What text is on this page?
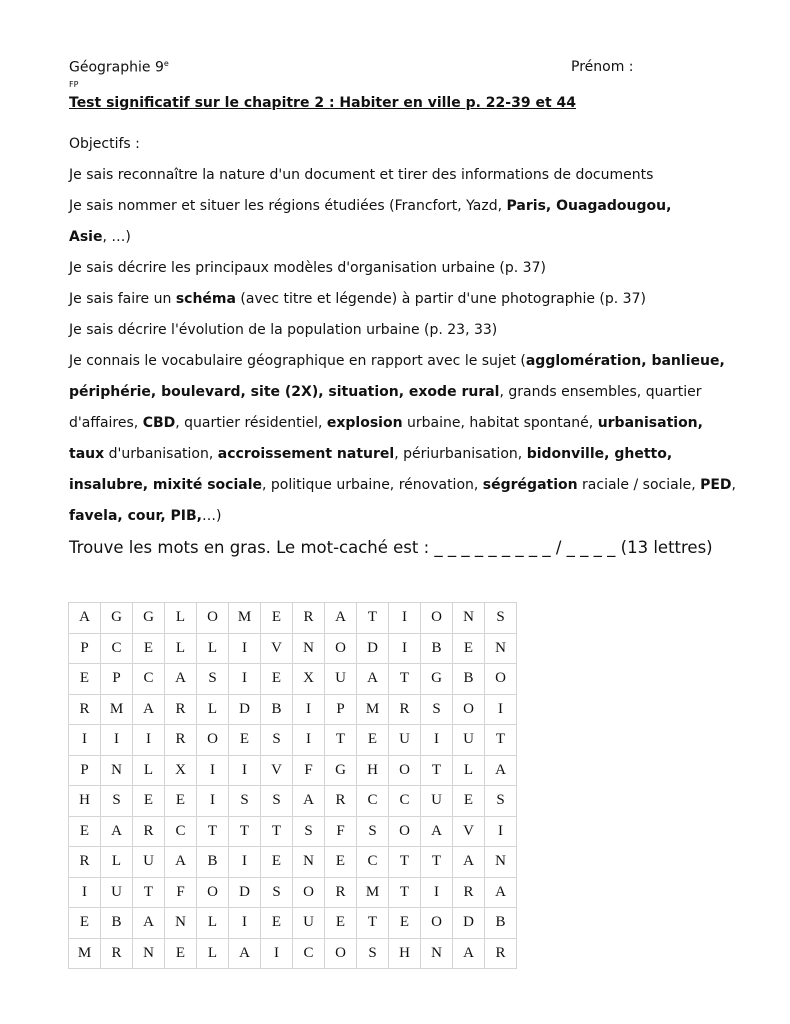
Géographie 9e	Prénom :
FP
Test significatif sur le chapitre 2 : Habiter en ville p. 22-39 et 44
Objectifs :

Je sais reconnaître la nature d'un document et tirer des informations de documents

Je sais nommer et situer les régions étudiées (Francfort, Yazd, Paris, Ouagadougou,

Asie, …)

Je sais décrire les principaux modèles d'organisation urbaine (p. 37)

Je sais faire un schéma (avec titre et légende) à partir d'une photographie (p. 37)

Je sais décrire l'évolution de la population urbaine (p. 23, 33)

Je connais le vocabulaire géographique en rapport avec le sujet (agglomération, banlieue,

périphérie, boulevard, site (2X), situation, exode rural, grands ensembles, quartier

d'affaires, CBD, quartier résidentiel, explosion urbaine, habitat spontané, urbanisation,

taux d'urbanisation, accroissement naturel, périurbanisation, bidonville, ghetto,

insalubre, mixité sociale, politique urbaine, rénovation, ségrégation raciale / sociale, PED,

favela, cour, PIB,…)

Trouve les mots en gras. Le mot-caché est : _ _ _ _ _ _ _ _ _ / _ _ _ _ (13 lettres)
A	G	G	L	O	M	E	R	A	T	I	O	N	S
P	C	E	L	L	I	V	N	O	D	I	B	E	N
E	P	C	A	S	I	E	X	U	A	T	G	B	O
R	M	A	R	L	D	B	I	P	M	R	S	O	I
I	I	I	R	O	E	S	I	T	E	U	I	U	T
P	N	L	X	I	I	V	F	G	H	O	T	L	A
H	S	E	E	I	S	S	A	R	C	C	U	E	S
E	A	R	C	T	T	T	S	F	S	O	A	V	I
R	L	U	A	B	I	E	N	E	C	T	T	A	N
I	U	T	F	O	D	S	O	R	M	T	I	R	A
E	B	A	N	L	I	E	U	E	T	E	O	D	B
M	R	N	E	L	A	I	C	O	S	H	N	A	R
